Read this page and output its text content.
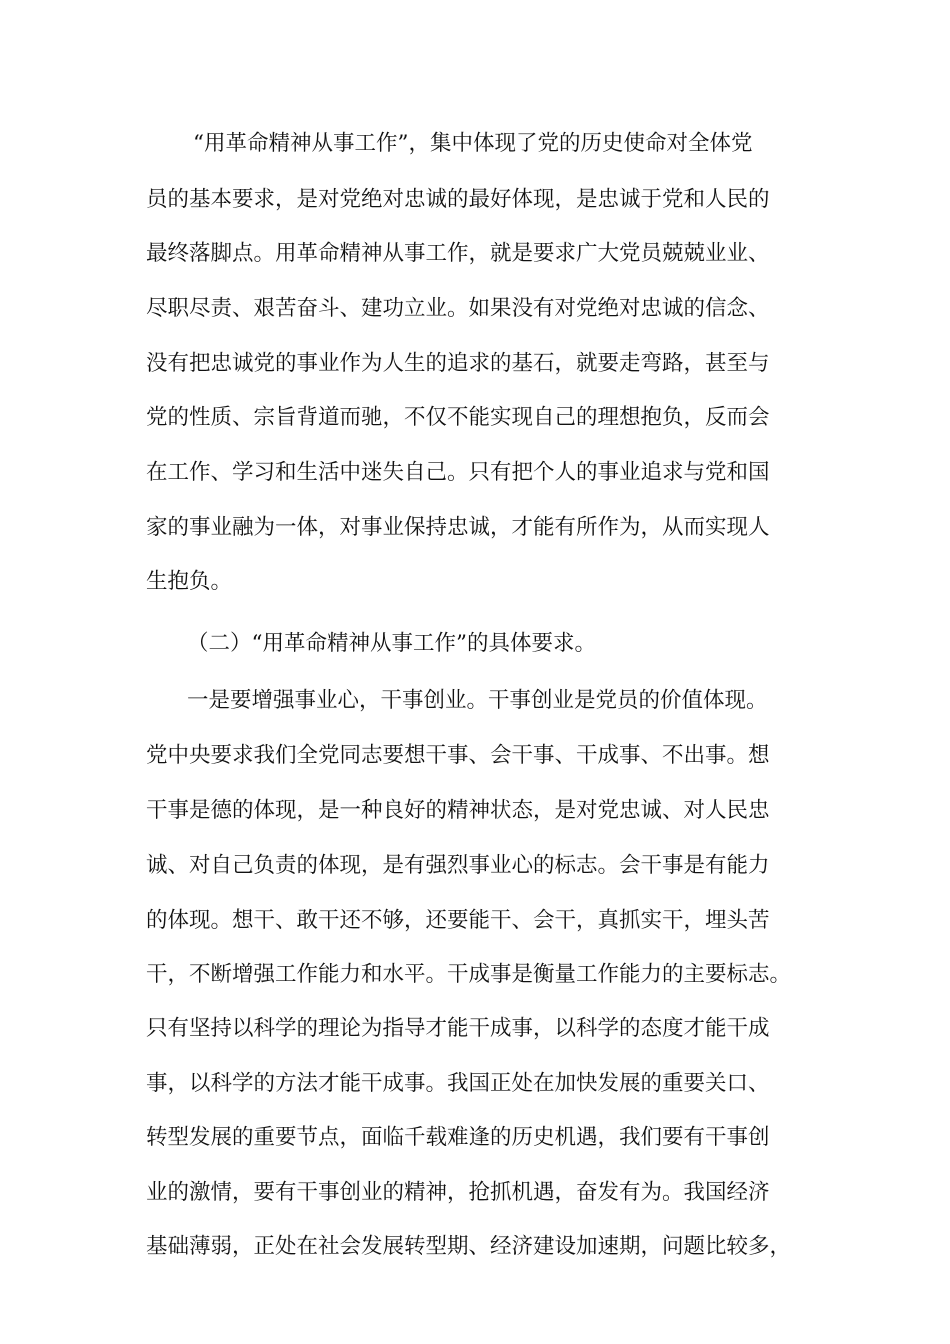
“用革命精神从事工作”，集中体现了党的历史使命对全体党
员的基本要求，是对党绝对忠诚的最好体现，是忠诚于党和人民的
最终落脚点。用革命精神从事工作，就是要求广大党员兢兢业业、
尽职尽责、艰苦奋斗、建功立业。如果没有对党绝对忠诚的信念、
没有把忠诚党的事业作为人生的追求的基石，就要走弯路，甚至与
党的性质、宗旨背道而驰，不仅不能实现自己的理想抱负，反而会
在工作、学习和生活中迷失自己。只有把个人的事业追求与党和国
家的事业融为一体，对事业保持忠诚，才能有所作为，从而实现人
生抱负。
（二）“用革命精神从事工作”的具体要求。
一是要增强事业心，干事创业。干事创业是党员的价值体现。
党中央要求我们全党同志要想干事、会干事、干成事、不出事。想
干事是德的体现，是一种良好的精神状态，是对党忠诚、对人民忠
诚、对自己负责的体现，是有强烈事业心的标志。会干事是有能力
的体现。想干、敢干还不够，还要能干、会干，真抓实干，埋头苦
干，不断增强工作能力和水平。干成事是衡量工作能力的主要标志。
只有坚持以科学的理论为指导才能干成事，以科学的态度才能干成
事，以科学的方法才能干成事。我国正处在加快发展的重要关口、
转型发展的重要节点，面临千载难逢的历史机遇，我们要有干事创
业的激情，要有干事创业的精神，抢抓机遇，奋发有为。我国经济
基础薄弱，正处在社会发展转型期、经济建设加速期，问题比较多，
